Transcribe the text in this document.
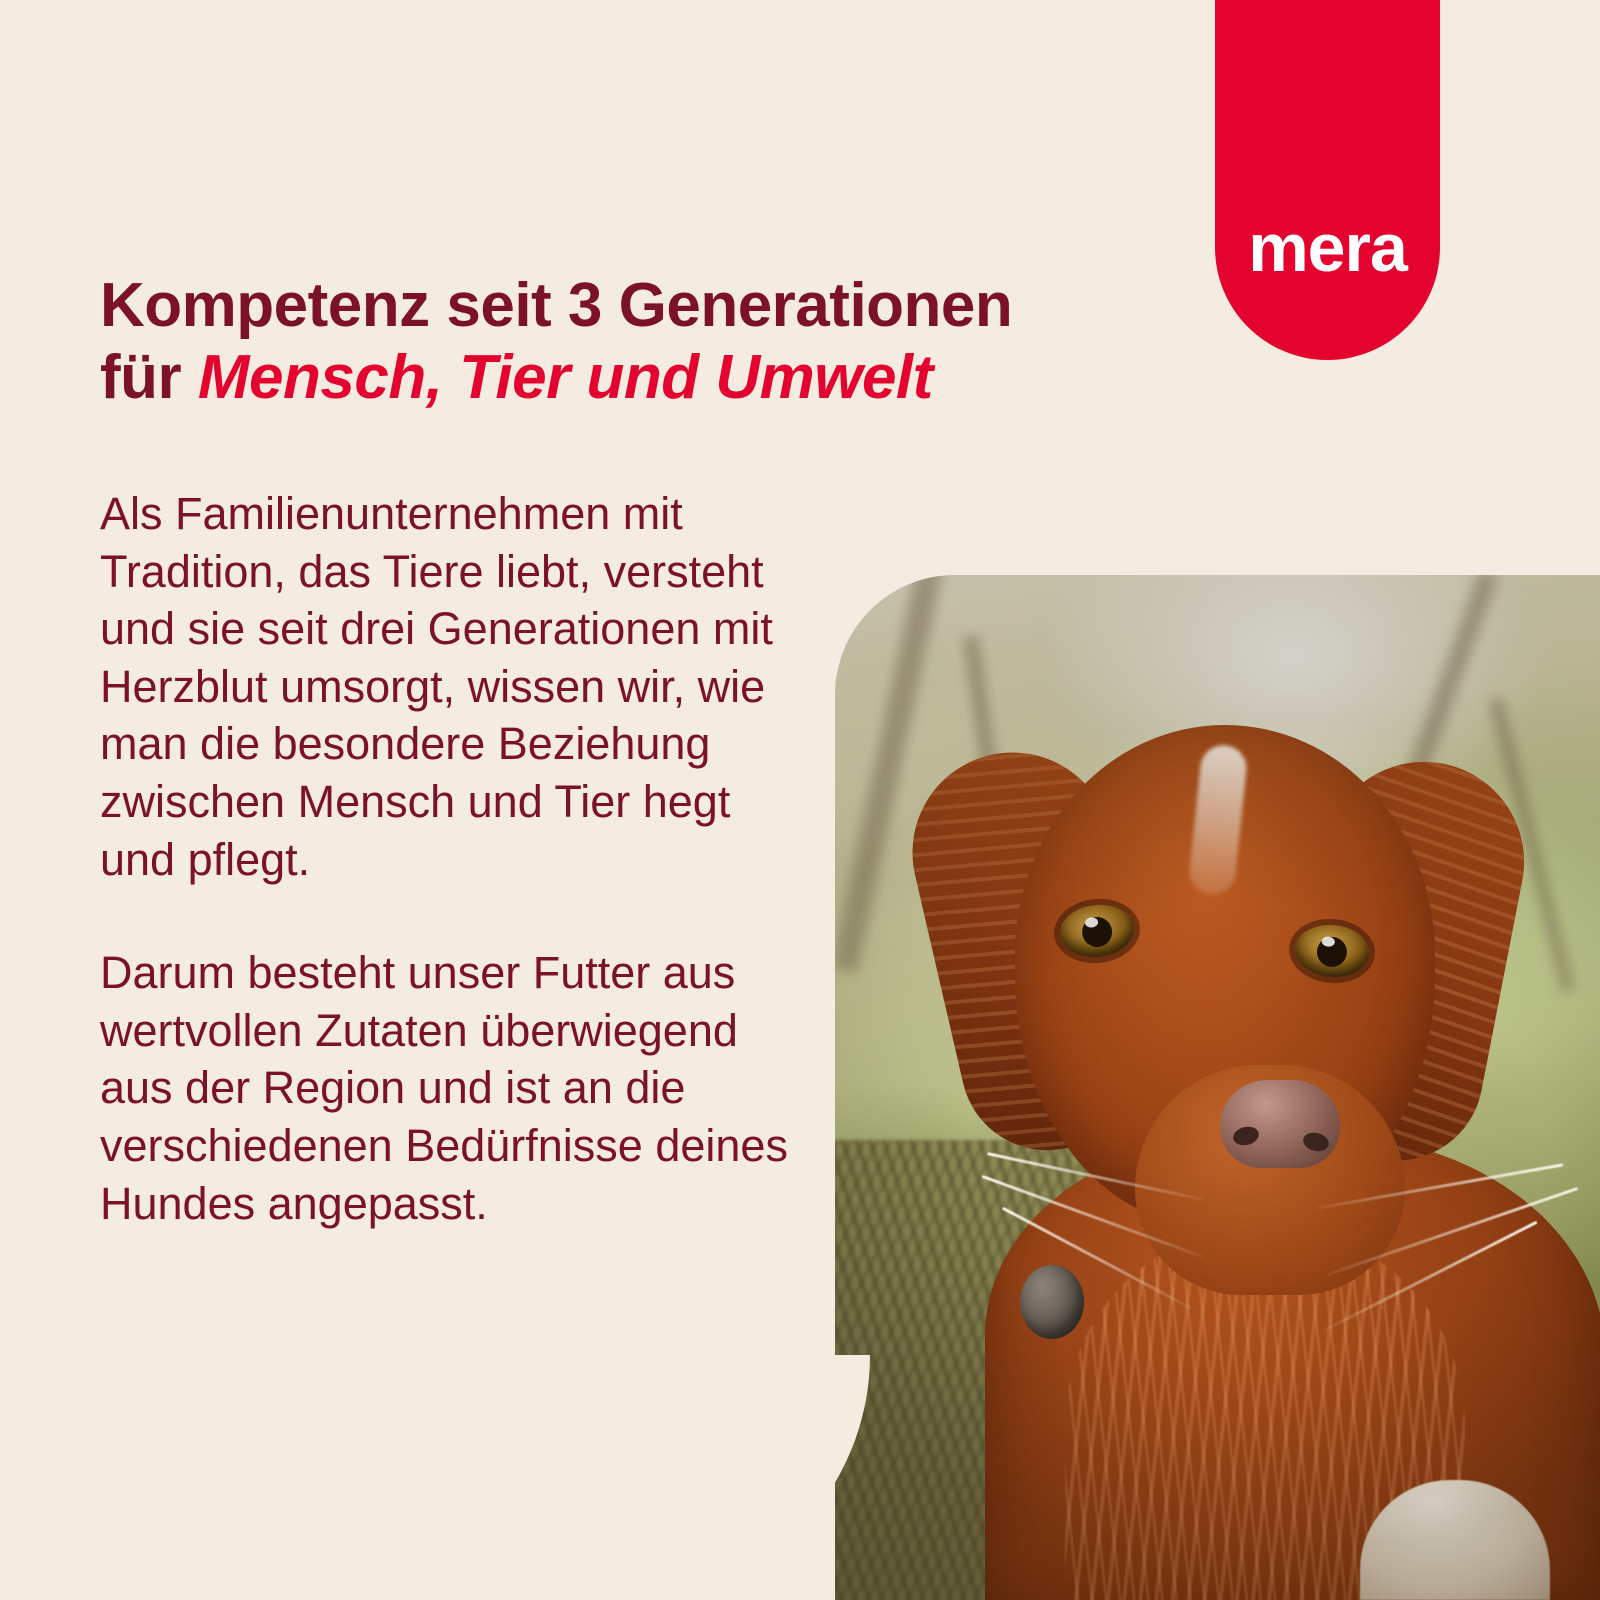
mera
Kompetenz seit 3 Generationen
für Mensch, Tier und Umwelt

Als Familienunternehmen mit Tradition, das Tiere liebt, versteht und sie seit drei Generationen mit Herzblut umsorgt, wissen wir, wie man die besondere Beziehung zwischen Mensch und Tier hegt und pflegt.

Darum besteht unser Futter aus wertvollen Zutaten überwiegend aus der Region und ist an die verschiedenen Bedürfnisse deines Hundes angepasst.
